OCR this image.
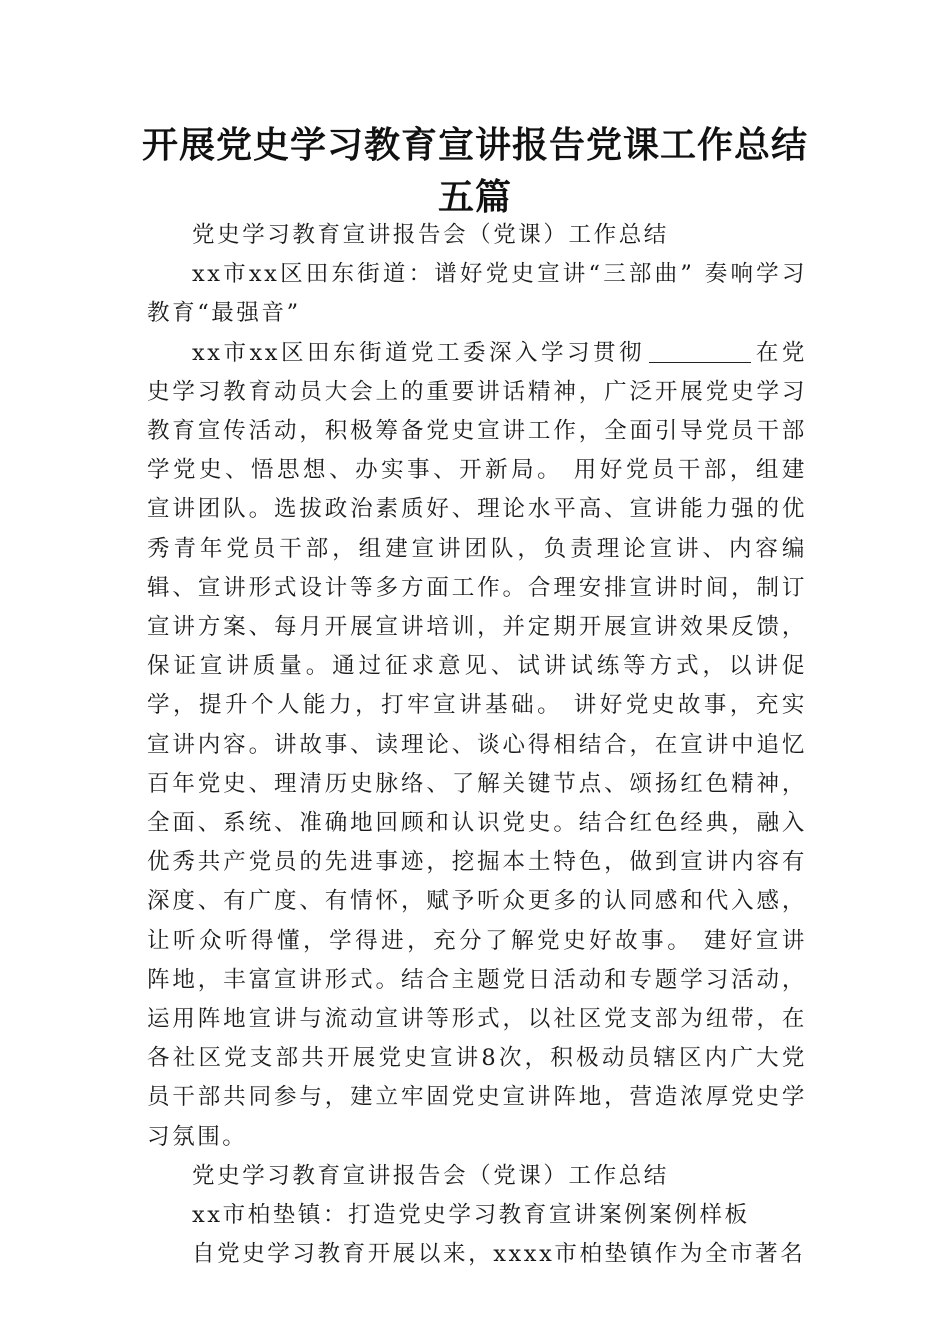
开展党史学习教育宣讲报告党课工作总结五篇

党史学习教育宣讲报告会（党课）工作总结

xx市xx区田东街道：谱好党史宣讲“三部曲” 奏响学习教育“最强音”

xx市xx区田东街道党工委深入学习贯彻	在党史学习教育动员大会上的重要讲话精神，广泛开展党史学习教育宣传活动，积极筹备党史宣讲工作，全面引导党员干部学党史、悟思想、办实事、开新局。 用好党员干部，组建宣讲团队。选拔政治素质好、理论水平高、宣讲能力强的优秀青年党员干部，组建宣讲团队，负责理论宣讲、内容编辑、宣讲形式设计等多方面工作。合理安排宣讲时间，制订宣讲方案、每月开展宣讲培训，并定期开展宣讲效果反馈，保证宣讲质量。通过征求意见、试讲试练等方式，以讲促学，提升个人能力，打牢宣讲基础。 讲好党史故事，充实宣讲内容。讲故事、读理论、谈心得相结合，在宣讲中追忆百年党史、理清历史脉络、了解关键节点、颂扬红色精神，全面、系统、准确地回顾和认识党史。结合红色经典，融入优秀共产党员的先进事迹，挖掘本土特色，做到宣讲内容有深度、有广度、有情怀，赋予听众更多的认同感和代入感，让听众听得懂，学得进，充分了解党史好故事。 建好宣讲阵地，丰富宣讲形式。结合主题党日活动和专题学习活动，运用阵地宣讲与流动宣讲等形式，以社区党支部为纽带，在各社区党支部共开展党史宣讲8次，积极动员辖区内广大党员干部共同参与，建立牢固党史宣讲阵地，营造浓厚党史学习氛围。

党史学习教育宣讲报告会（党课）工作总结

xx市柏垫镇：打造党史学习教育宣讲案例案例样板

自党史学习教育开展以来，xxxx市柏垫镇作为全市著名
